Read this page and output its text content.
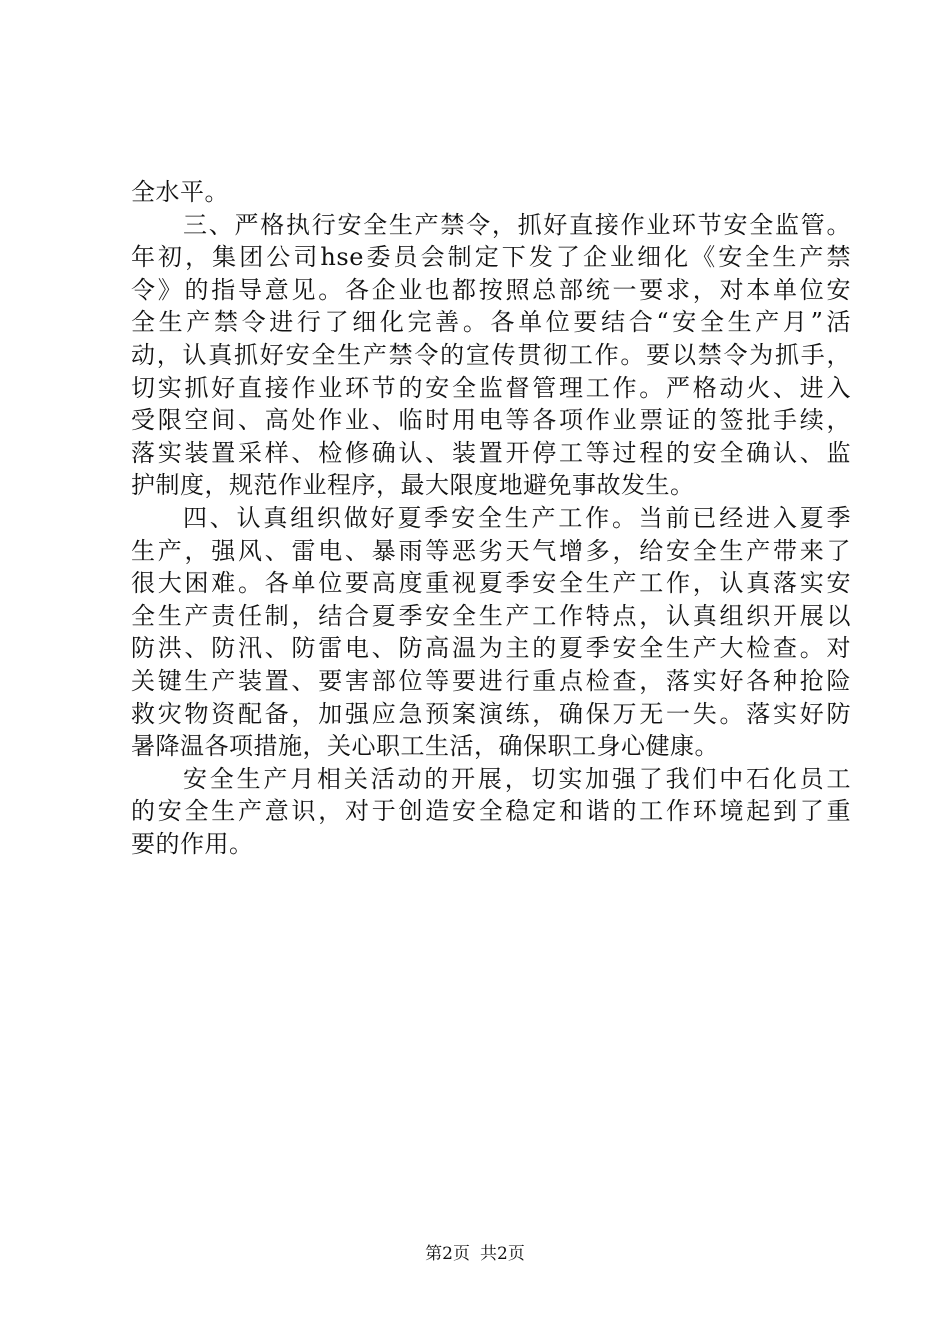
全水平。
三、严格执行安全生产禁令，抓好直接作业环节安全监管。
年初，集团公司hse委员会制定下发了企业细化《安全生产禁
令》的指导意见。各企业也都按照总部统一要求，对本单位安
全生产禁令进行了细化完善。各单位要结合“安全生产月”活
动，认真抓好安全生产禁令的宣传贯彻工作。要以禁令为抓手，
切实抓好直接作业环节的安全监督管理工作。严格动火、进入
受限空间、高处作业、临时用电等各项作业票证的签批手续，
落实装置采样、检修确认、装置开停工等过程的安全确认、监
护制度，规范作业程序，最大限度地避免事故发生。
四、认真组织做好夏季安全生产工作。当前已经进入夏季
生产，强风、雷电、暴雨等恶劣天气增多，给安全生产带来了
很大困难。各单位要高度重视夏季安全生产工作，认真落实安
全生产责任制，结合夏季安全生产工作特点，认真组织开展以
防洪、防汛、防雷电、防高温为主的夏季安全生产大检查。对
关键生产装置、要害部位等要进行重点检查，落实好各种抢险
救灾物资配备，加强应急预案演练，确保万无一失。落实好防
暑降温各项措施，关心职工生活，确保职工身心健康。
安全生产月相关活动的开展，切实加强了我们中石化员工
的安全生产意识，对于创造安全稳定和谐的工作环境起到了重
要的作用。
第2页 共2页
